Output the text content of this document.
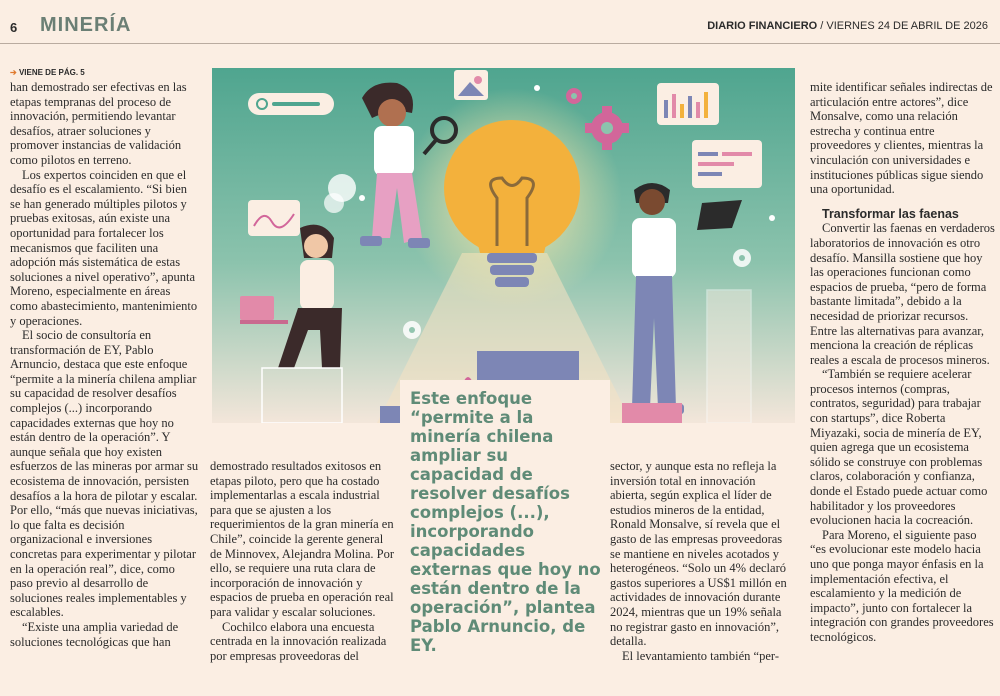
6 MINERÍA	DIARIO FINANCIERO / VIERNES 24 DE ABRIL DE 2026
➔ VIENE DE PÁG. 5

han demostrado ser efectivas en las etapas tempranas del proceso de innovación, permitiendo levantar desafíos, atraer soluciones y promover instancias de validación como pilotos en terreno.

Los expertos coinciden en que el desafío es el escalamiento. “Si bien se han generado múltiples pilotos y pruebas exitosas, aún existe una oportunidad para fortalecer los mecanismos que faciliten una adopción más sistemática de estas soluciones a nivel operativo”, apunta Moreno, especialmente en áreas como abastecimiento, mantenimiento y operaciones.

El socio de consultoría en transformación de EY, Pablo Arnuncio, destaca que este enfoque “permite a la minería chilena ampliar su capacidad de resolver desafíos complejos (...) incorporando capacidades externas que hoy no están dentro de la operación”. Y aunque señala que hoy existen esfuerzos de las mineras por armar su ecosistema de innovación, persisten desafíos a la hora de pilotar y escalar. Por ello, “más que nuevas iniciativas, lo que falta es decisión organizacional e inversiones concretas para experimentar y pilotar en la operación real”, dice, como paso previo al desarrollo de soluciones reales implementables y escalables.

“Existe una amplia variedad de soluciones tecnológicas que han

demostrado resultados exitosos en etapas piloto, pero que ha costado implementarlas a escala industrial para que se ajusten a los requerimientos de la gran minería en Chile”, coincide la gerente general de Minnovex, Alejandra Molina. Por ello, se requiere una ruta clara de incorporación de innovación y espacios de prueba en operación real para validar y escalar soluciones.

Cochilco elabora una encuesta centrada en la innovación realizada por empresas proveedoras del

Este enfoque “permite a la minería chilena ampliar su capacidad de resolver desafíos complejos (...), incorporando capacidades externas que hoy no están dentro de la operación”, plantea Pablo Arnuncio, de EY.

sector, y aunque esta no refleja la inversión total en innovación abierta, según explica el líder de estudios mineros de la entidad, Ronald Monsalve, sí revela que el gasto de las empresas proveedoras se mantiene en niveles acotados y heterogéneos. “Solo un 4% declaró gastos superiores a US$1 millón en actividades de innovación durante 2024, mientras que un 19% señala no registrar gasto en innovación”, detalla.

El levantamiento también “per-

mite identificar señales indirectas de articulación entre actores”, dice Monsalve, como una relación estrecha y continua entre proveedores y clientes, mientras la vinculación con universidades e instituciones públicas sigue siendo una oportunidad.

Transformar las faenas

Convertir las faenas en verdaderos laboratorios de innovación es otro desafío. Mansilla sostiene que hoy las operaciones funcionan como espacios de prueba, “pero de forma bastante limitada”, debido a la necesidad de priorizar recursos. Entre las alternativas para avanzar, menciona la creación de réplicas reales a escala de procesos mineros.

“También se requiere acelerar procesos internos (compras, contratos, seguridad) para trabajar con startups”, dice Roberta Miyazaki, socia de minería de EY, quien agrega que un ecosistema sólido se construye con problemas claros, colaboración y confianza, donde el Estado puede actuar como habilitador y los proveedores evolucionen hacia la cocreación.

Para Moreno, el siguiente paso “es evolucionar este modelo hacia uno que ponga mayor énfasis en la implementación efectiva, el escalamiento y la medición de impacto”, junto con fortalecer la integración con grandes proveedores tecnológicos.
